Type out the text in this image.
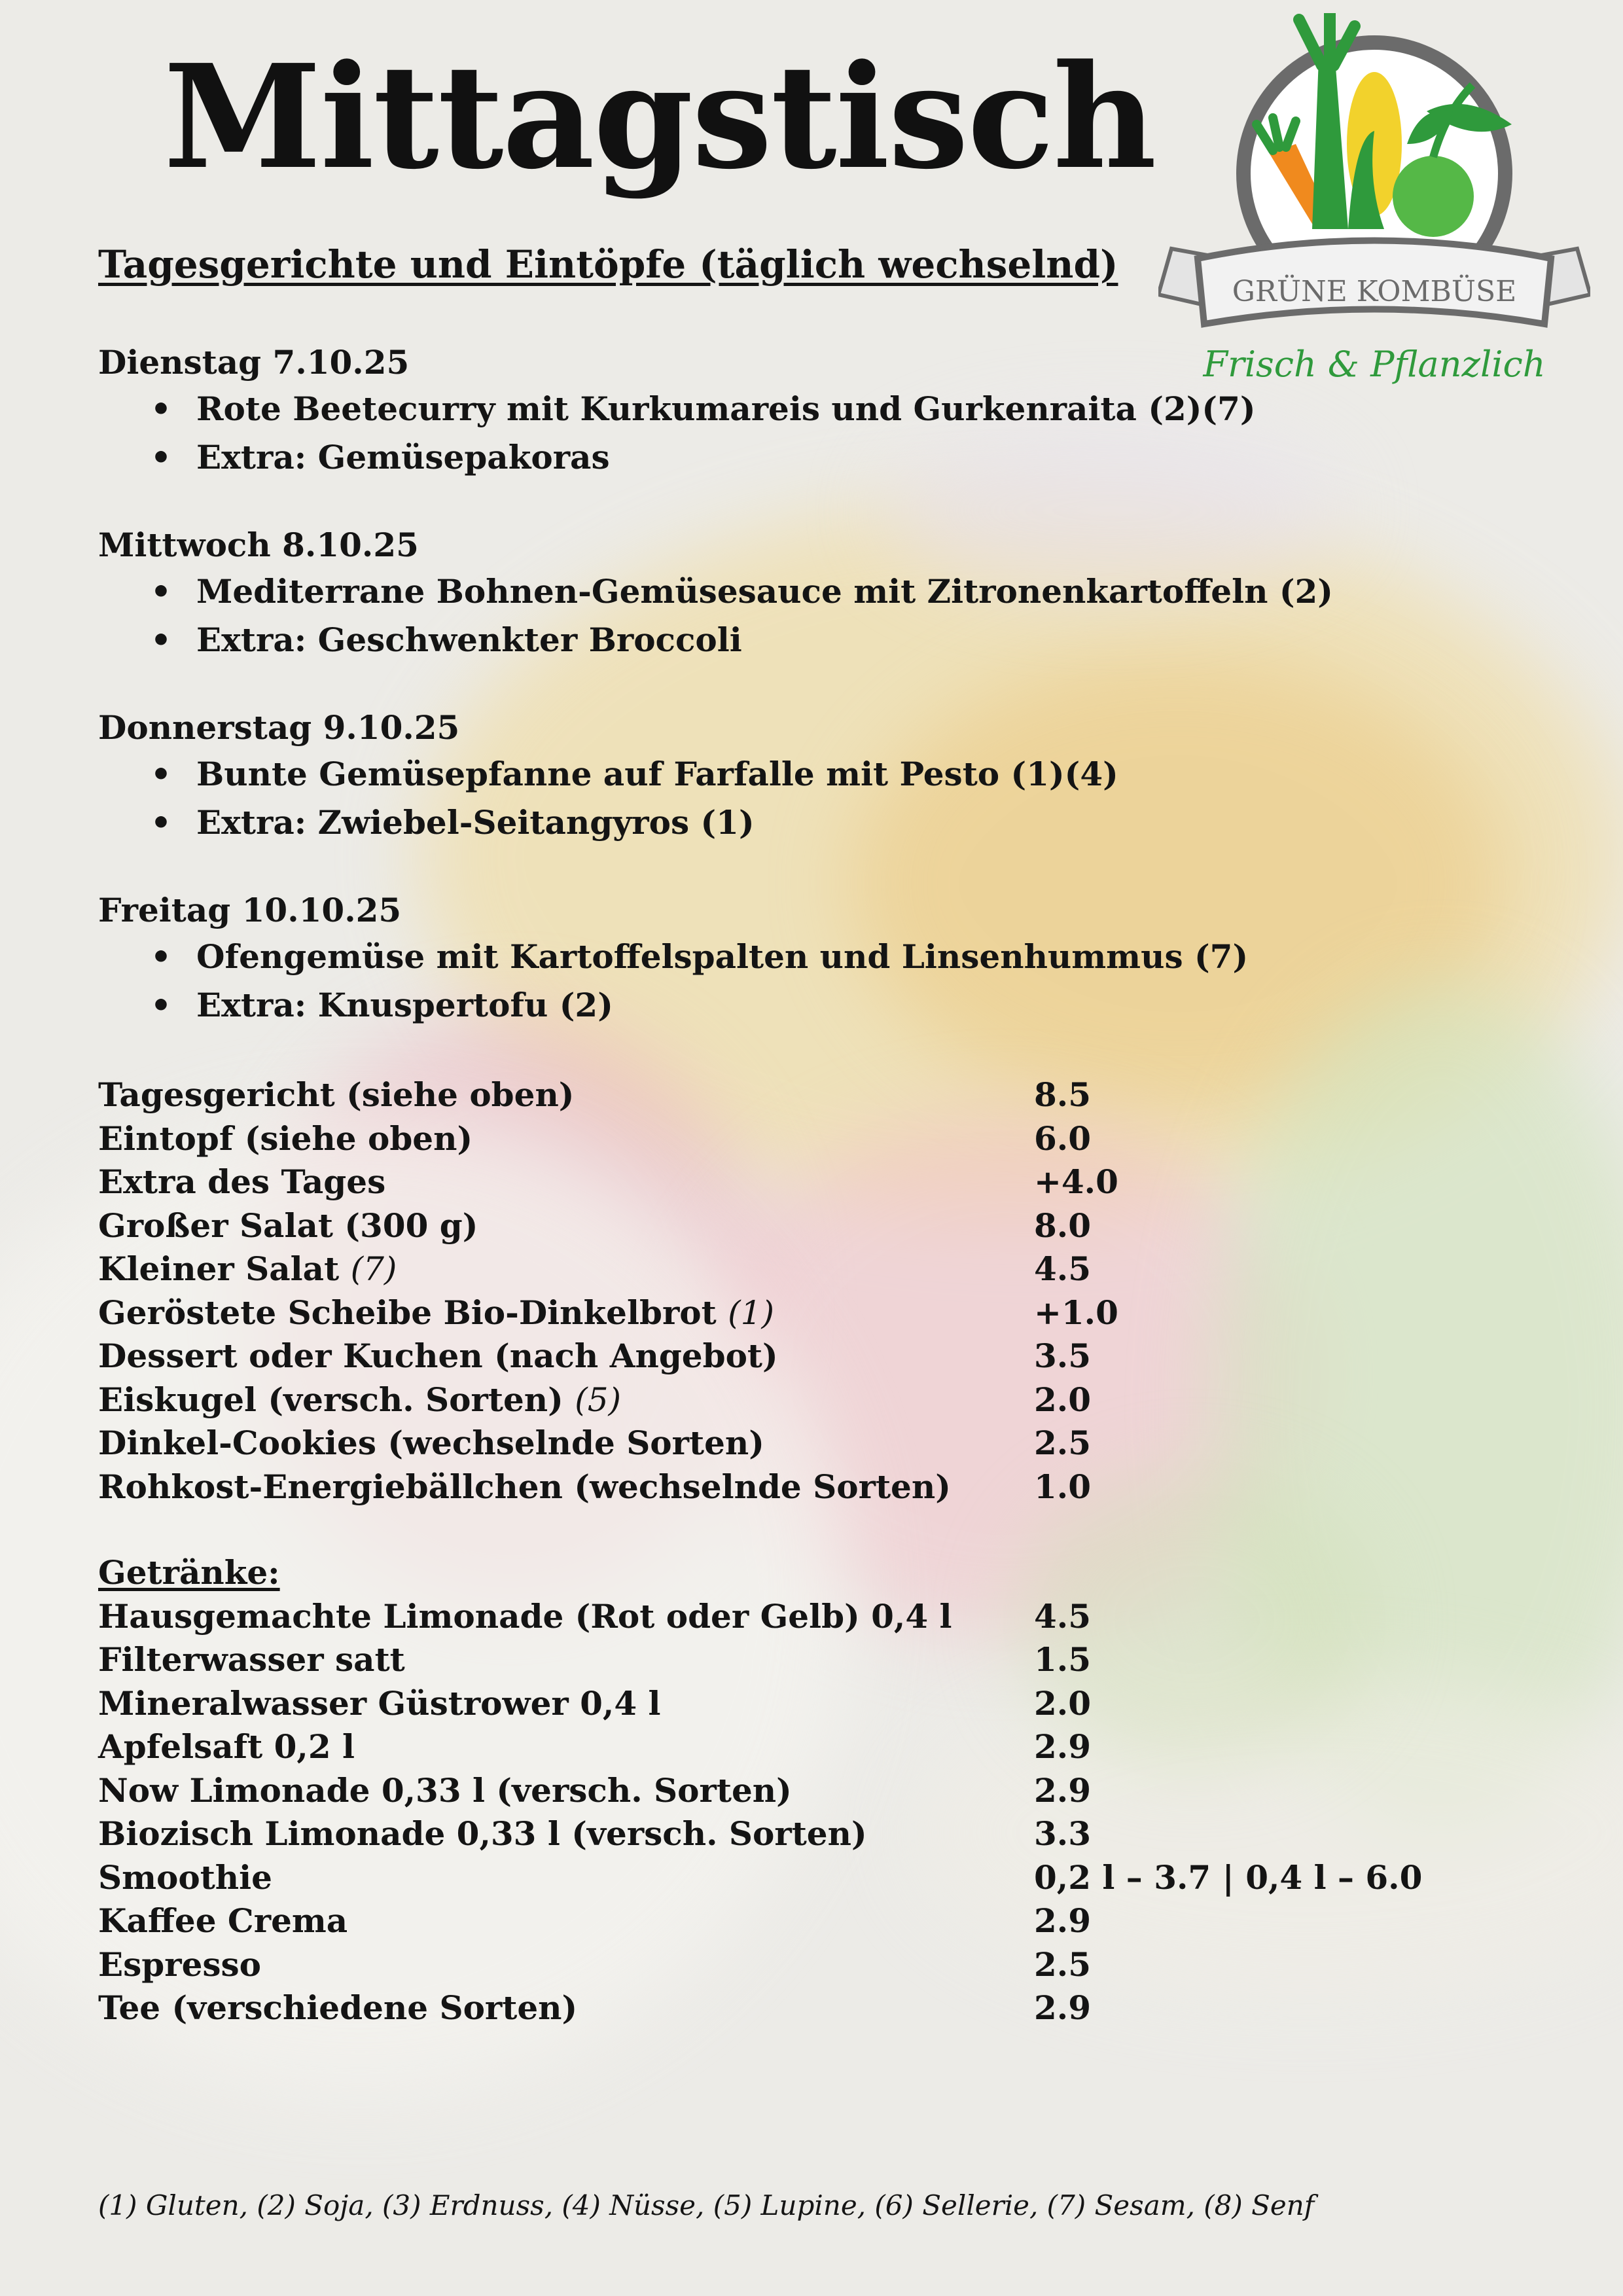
Mittagstisch
Tagesgerichte und Eintöpfe (täglich wechselnd)
GRÜNE KOMBÜSE
Frisch & Pflanzlich

Dienstag 7.10.25

• Rote Beetecurry mit Kurkumareis und Gurkenraita (2)(7)

• Extra: Gemüsepakoras

Mittwoch 8.10.25

• Mediterrane Bohnen-Gemüsesauce mit Zitronenkartoffeln (2)

• Extra: Geschwenkter Broccoli

Donnerstag 9.10.25

• Bunte Gemüsepfanne auf Farfalle mit Pesto (1)(4)

• Extra: Zwiebel-Seitangyros (1)

Freitag 10.10.25

• Ofengemüse mit Kartoffelspalten und Linsenhummus (7)

• Extra: Knuspertofu (2)

Tagesgericht (siehe oben)	8.5
Eintopf (siehe oben)	6.0
Extra des Tages	+4.0
Großer Salat (300 g)	8.0
Kleiner Salat (7)	4.5
Geröstete Scheibe Bio-Dinkelbrot (1)	+1.0
Dessert oder Kuchen (nach Angebot)	3.5
Eiskugel (versch. Sorten) (5)	2.0
Dinkel-Cookies (wechselnde Sorten)	2.5
Rohkost-Energiebällchen (wechselnde Sorten)	1.0

Getränke:

Hausgemachte Limonade (Rot oder Gelb) 0,4 l	4.5
Filterwasser satt	1.5
Mineralwasser Güstrower 0,4 l	2.0
Apfelsaft 0,2 l	2.9
Now Limonade 0,33 l (versch. Sorten)	2.9
Biozisch Limonade 0,33 l (versch. Sorten)	3.3
Smoothie	0,2 l – 3.7 | 0,4 l – 6.0
Kaffee Crema	2.9
Espresso	2.5
Tee (verschiedene Sorten)	2.9

(1) Gluten, (2) Soja, (3) Erdnuss, (4) Nüsse, (5) Lupine, (6) Sellerie, (7) Sesam, (8) Senf
